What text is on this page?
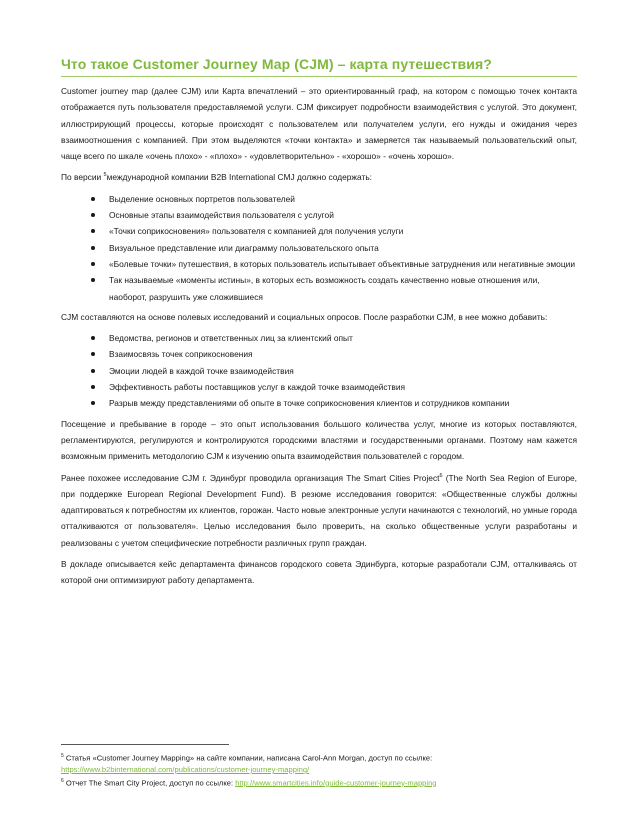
Что такое Customer Journey Map (CJM) – карта путешествия?

Customer journey map (далее CJM) или Карта впечатлений – это ориентированный граф, на котором с помощью точек контакта отображается путь пользователя предоставляемой услуги. CJM фиксирует подробности взаимодействия с услугой. Это документ, иллюстрирующий процессы, которые происходят с пользователем или получателем услуги, его нужды и ожидания через взаимоотношения с компанией. При этом выделяются «точки контакта» и замеряется так называемый пользовательский опыт, чаще всего по шкале «очень плохо» - «плохо» - «удовлетворительно» - «хорошо» - «очень хорошо».

По версии $^5$международной компании B2B International CMJ должно содержать:

Выделение основных портретов пользователей
Основные этапы взаимодействия пользователя с услугой
«Точки соприкосновения» пользователя с компанией для получения услуги
Визуальное представление или диаграмму пользовательского опыта
«Болевые точки» путешествия, в которых пользователь испытывает объективные затруднения или негативные эмоции
Так называемые «моменты истины», в которых есть возможность создать качественно новые отношения или, наоборот, разрушить уже сложившиеся

CJM составляются на основе полевых исследований и социальных опросов. После разработки CJM, в нее можно добавить:

Ведомства, регионов и ответственных лиц за клиентский опыт
Взаимосвязь точек соприкосновения
Эмоции людей в каждой точке взаимодействия
Эффективность работы поставщиков услуг в каждой точке взаимодействия
Разрыв между представлениями об опыте в точке соприкосновения клиентов и сотрудников компании

Посещение и пребывание в городе – это опыт использования большого количества услуг, многие из которых поставляются, регламентируются, регулируются и контролируются городскими властями и государственными органами. Поэтому нам кажется возможным применить методологию CJM к изучению опыта взаимодействия пользователей с городом.

Ранее похожее исследование CJM г. Эдинбург проводила организация The Smart Cities Project$^6$ (The North Sea Region of Europe, при поддержке European Regional Development Fund). В резюме исследования говорится: «Общественные службы должны адаптироваться к потребностям их клиентов, горожан. Часто новые электронные услуги начинаются с технологий, но умные города отталкиваются от пользователя». Целью исследования было проверить, на сколько общественные услуги разработаны и реализованы с учетом специфические потребности различных групп граждан.

В докладе описывается кейс департамента финансов городского совета Эдинбурга, которые разработали CJM, отталкиваясь от которой они оптимизируют работу департамента.

$^5$ Статья «Customer Journey Mapping» на сайте компании, написана Carol-Ann Morgan, доступ по ссылке: https://www.b2binternational.com/publications/customer-journey-mapping/

$^6$ Отчет The Smart City Project, доступ по ссылке: http://www.smartcities.info/guide-customer-journey-mapping
